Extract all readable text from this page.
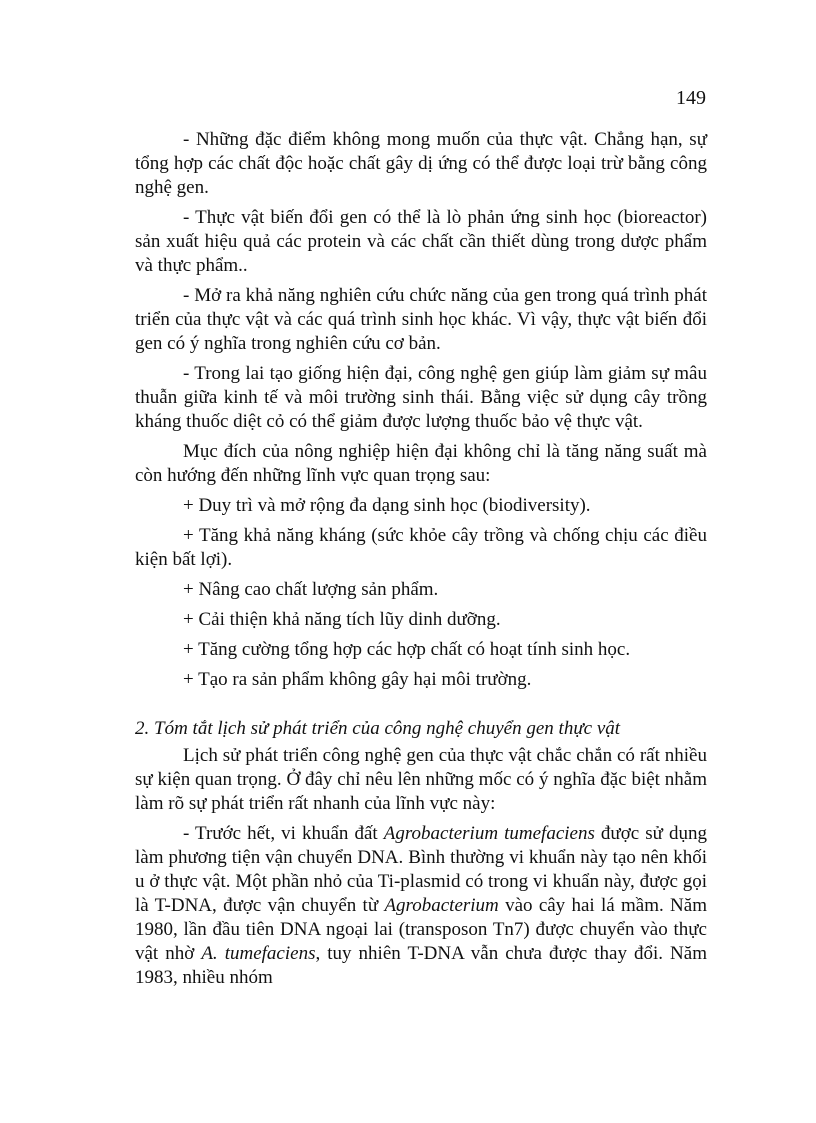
149

- Những đặc điểm không mong muốn của thực vật. Chẳng hạn, sự tổng hợp các chất độc hoặc chất gây dị ứng có thể được loại trừ bằng công nghệ gen.

- Thực vật biến đổi gen có thể là lò phản ứng sinh học (bioreactor) sản xuất hiệu quả các protein và các chất cần thiết dùng trong dược phẩm và thực phẩm..

- Mở ra khả năng nghiên cứu chức năng của gen trong quá trình phát triển của thực vật và các quá trình sinh học khác. Vì vậy, thực vật biến đổi gen có ý nghĩa trong nghiên cứu cơ bản.

- Trong lai tạo giống hiện đại, công nghệ gen giúp làm giảm sự mâu thuẫn giữa kinh tế và môi trường sinh thái. Bằng việc sử dụng cây trồng kháng thuốc diệt cỏ có thể giảm được lượng thuốc bảo vệ thực vật.

Mục đích của nông nghiệp hiện đại không chỉ là tăng năng suất mà còn hướng đến những lĩnh vực quan trọng sau:

+ Duy trì và mở rộng đa dạng sinh học (biodiversity).

+ Tăng khả năng kháng (sức khỏe cây trồng và chống chịu các điều kiện bất lợi).

+ Nâng cao chất lượng sản phẩm.

+ Cải thiện khả năng tích lũy dinh dưỡng.

+ Tăng cường tổng hợp các hợp chất có hoạt tính sinh học.

+ Tạo ra sản phẩm không gây hại môi trường.

2. Tóm tắt lịch sử phát triển của công nghệ chuyển gen thực vật

Lịch sử phát triển công nghệ gen của thực vật chắc chắn có rất nhiều sự kiện quan trọng. Ở đây chỉ nêu lên những mốc có ý nghĩa đặc biệt nhằm làm rõ sự phát triển rất nhanh của lĩnh vực này:

- Trước hết, vi khuẩn đất Agrobacterium tumefaciens được sử dụng làm phương tiện vận chuyển DNA. Bình thường vi khuẩn này tạo nên khối u ở thực vật. Một phần nhỏ của Ti-plasmid có trong vi khuẩn này, được gọi là T-DNA, được vận chuyển từ Agrobacterium vào cây hai lá mầm. Năm 1980, lần đầu tiên DNA ngoại lai (transposon Tn7) được chuyển vào thực vật nhờ A. tumefaciens, tuy nhiên T-DNA vẫn chưa được thay đổi. Năm 1983, nhiều nhóm
